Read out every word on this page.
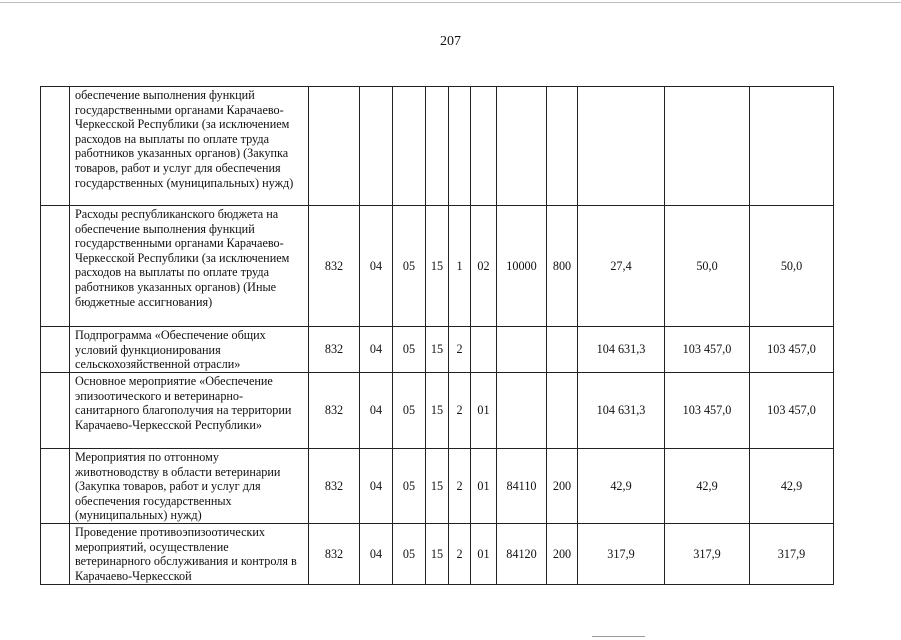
207
	обеспечение выполнения функций государственными органами Карачаево-Черкесской Республики (за исключением расходов на выплаты по оплате труда работников указанных органов) (Закупка товаров, работ и услуг для обеспечения государственных (муниципальных) нужд)											
	Расходы республиканского бюджета на обеспечение выполнения функций государственными органами Карачаево-Черкесской Республики (за исключением расходов на выплаты по оплате труда работников указанных органов) (Иные бюджетные ассигнования)	832	04	05	15	1	02	10000	800	27,4	50,0	50,0
	Подпрограмма «Обеспечение общих условий функционирования сельскохозяйственной отрасли»	832	04	05	15	2				104 631,3	103 457,0	103 457,0
	Основное мероприятие «Обеспечение эпизоотического и ветеринарно-санитарного благополучия на территории Карачаево-Черкесской Республики»	832	04	05	15	2	01			104 631,3	103 457,0	103 457,0
	Мероприятия по отгонному животноводству в области ветеринарии (Закупка товаров, работ и услуг для обеспечения государственных (муниципальных) нужд)	832	04	05	15	2	01	84110	200	42,9	42,9	42,9
	Проведение противоэпизоотических мероприятий, осуществление ветеринарного обслуживания и контроля в Карачаево-Черкесской	832	04	05	15	2	01	84120	200	317,9	317,9	317,9
